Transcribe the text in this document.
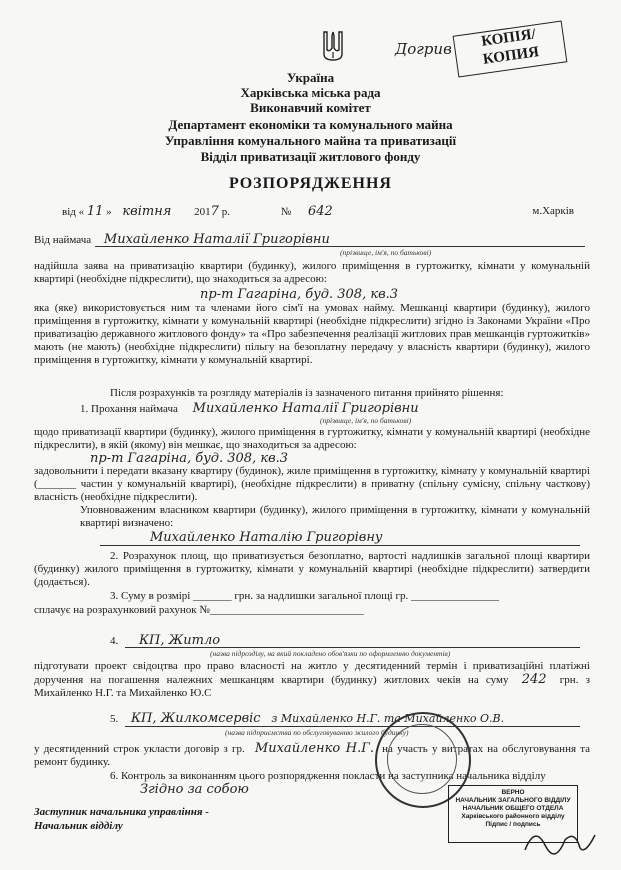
Догрив	КОПІЯ/
КОПИЯ
Україна
Харківська міська рада
Виконавчий комітет
Департамент економіки та комунального майна
Управління комунального майна та приватизації
Відділ приватизації житлового фонду
РОЗПОРЯДЖЕННЯ
від « 11 » квітня 2017 р.	№ 642	м.Харків
Від наймача Михайленко Наталії Григорівни
(прізвище, ім'я, по батькові)
надійшла заява на приватизацію квартири (будинку), жилого приміщення в гуртожитку, кімнати у комунальній квартирі (необхідне підкреслити), що знаходиться за адресою:
пр-т Гагаріна, буд. 308, кв.3
яка (яке) використовується ним та членами його сім'ї на умовах найму. Мешканці квартири (будинку), жилого приміщення в гуртожитку, кімнати у комунальній квартирі (необхідне підкреслити) згідно із Законами України «Про приватизацію державного житлового фонду» та «Про забезпечення реалізації житлових прав мешканців гуртожитків» мають (не мають) (необхідне підкреслити) пільгу на безоплатну передачу у власність квартири (будинку), жилого приміщення в гуртожитку, кімнати у комунальній квартирі.
Після розрахунків та розгляду матеріалів із зазначеного питання прийнято рішення:
1. Прохання наймача Михайленко Наталії Григорівни
(прізвище, ім'я, по батькові)
щодо приватизації квартири (будинку), жилого приміщення в гуртожитку, кімнати у комунальній квартирі (необхідне підкреслити), в якій (якому) він мешкає, що знаходиться за адресою:
пр-т Гагаріна, буд. 308, кв.3
задовольнити і передати вказану квартиру (будинок), жиле приміщення в гуртожитку, кімнату у комунальній квартирі (_______ частин у комунальній квартирі), (необхідне підкреслити) в приватну (спільну сумісну, спільну часткову) власність (необхідне підкреслити).
Уповноваженим власником квартири (будинку), жилого приміщення в гуртожитку, кімнати у комунальній квартирі визначено:
Михайленко Наталію Григорівну
2. Розрахунок площ, що приватизується безоплатно, вартості надлишків загальної площі квартири (будинку) жилого приміщення в гуртожитку, кімнати у комунальній квартирі (необхідне підкреслити) затвердити (додається).
3. Суму в розмірі _______ грн. за надлишки загальної площі гр. ________________
сплачує на розрахунковий рахунок №____________________________
4. КП, Житло
(назва підрозділу, на який покладено обов'язки по оформленню документів)
підготувати проект свідоцтва про право власності на житло у десятиденний термін і приватизаційні платіжні доручення на погашення належних мешканцям квартири (будинку) житлових чеків на суму 242 грн. з Михайленко Н.Г. та Михайленко Ю.С
5. КП, Жилкомсервіс з Михайленко Н.Г. та Михайленко О.В.
(назва підприємства по обслуговуванню жилого будинку)
у десятиденний строк укласти договір з гр. Михайленко Н.Г. на участь у витратах на обслуговування та ремонт будинку.
6. Контроль за виконанням цього розпорядження покласти на заступника начальника відділу
Згідно за собою
Заступник начальника управління -
Начальник відділу
ВЕРНО
НАЧАЛЬНИК ЗАГАЛЬНОГО ВІДДІЛУ
НАЧАЛЬНИК ОБЩЕГО ОТДЕЛА
Харківського районного відділу
Підпис / подпись
